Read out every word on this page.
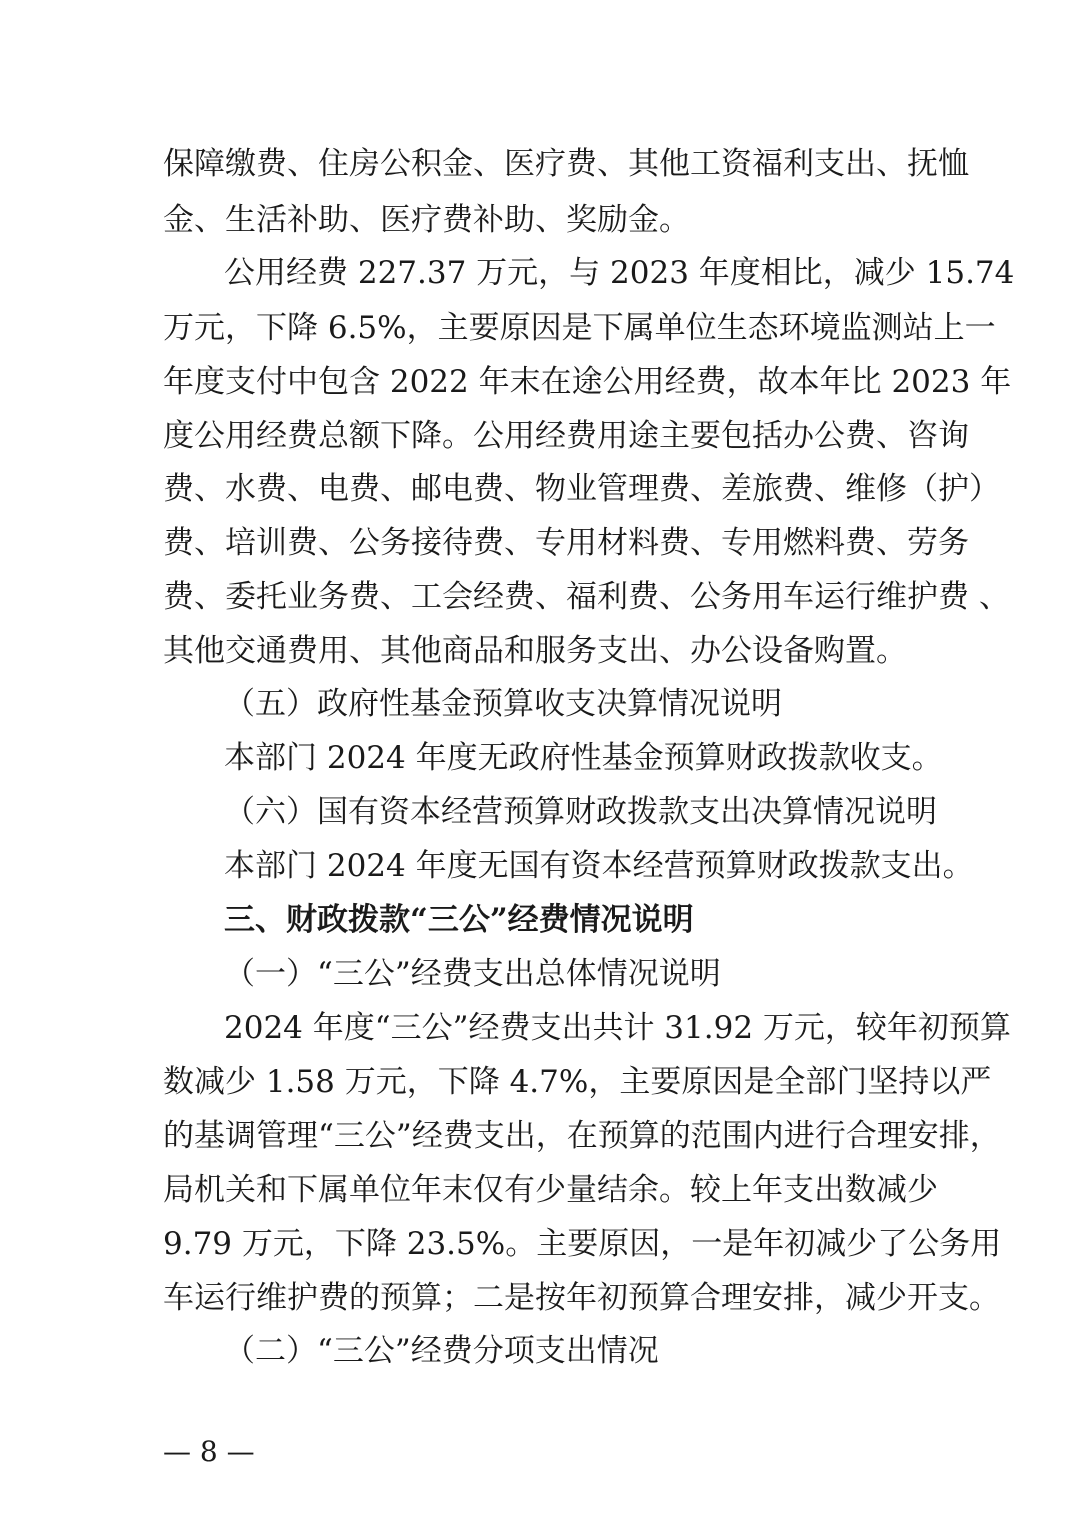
保障缴费、住房公积金、医疗费、其他工资福利支出、抚恤
金、生活补助、医疗费补助、奖励金。
公用经费 227.37 万元，与 2023 年度相比，减少 15.74
万元，下降 6.5%，主要原因是下属单位生态环境监测站上一
年度支付中包含 2022 年末在途公用经费，故本年比 2023 年
度公用经费总额下降。公用经费用途主要包括办公费、咨询
费、水费、电费、邮电费、物业管理费、差旅费、维修（护）
费、培训费、公务接待费、专用材料费、专用燃料费、劳务
费、委托业务费、工会经费、福利费、公务用车运行维护费 、
其他交通费用、其他商品和服务支出、办公设备购置。
（五）政府性基金预算收支决算情况说明
本部门 2024 年度无政府性基金预算财政拨款收支。
（六）国有资本经营预算财政拨款支出决算情况说明
本部门 2024 年度无国有资本经营预算财政拨款支出。
三、财政拨款“三公”经费情况说明
（一）“三公”经费支出总体情况说明
2024 年度“三公”经费支出共计 31.92 万元，较年初预算
数减少 1.58 万元，下降 4.7%，主要原因是全部门坚持以严
的基调管理“三公”经费支出，在预算的范围内进行合理安排，
局机关和下属单位年末仅有少量结余。较上年支出数减少
9.79 万元，下降 23.5%。主要原因，一是年初减少了公务用
车运行维护费的预算；二是按年初预算合理安排，减少开支。
（二）“三公”经费分项支出情况
— 8 —
